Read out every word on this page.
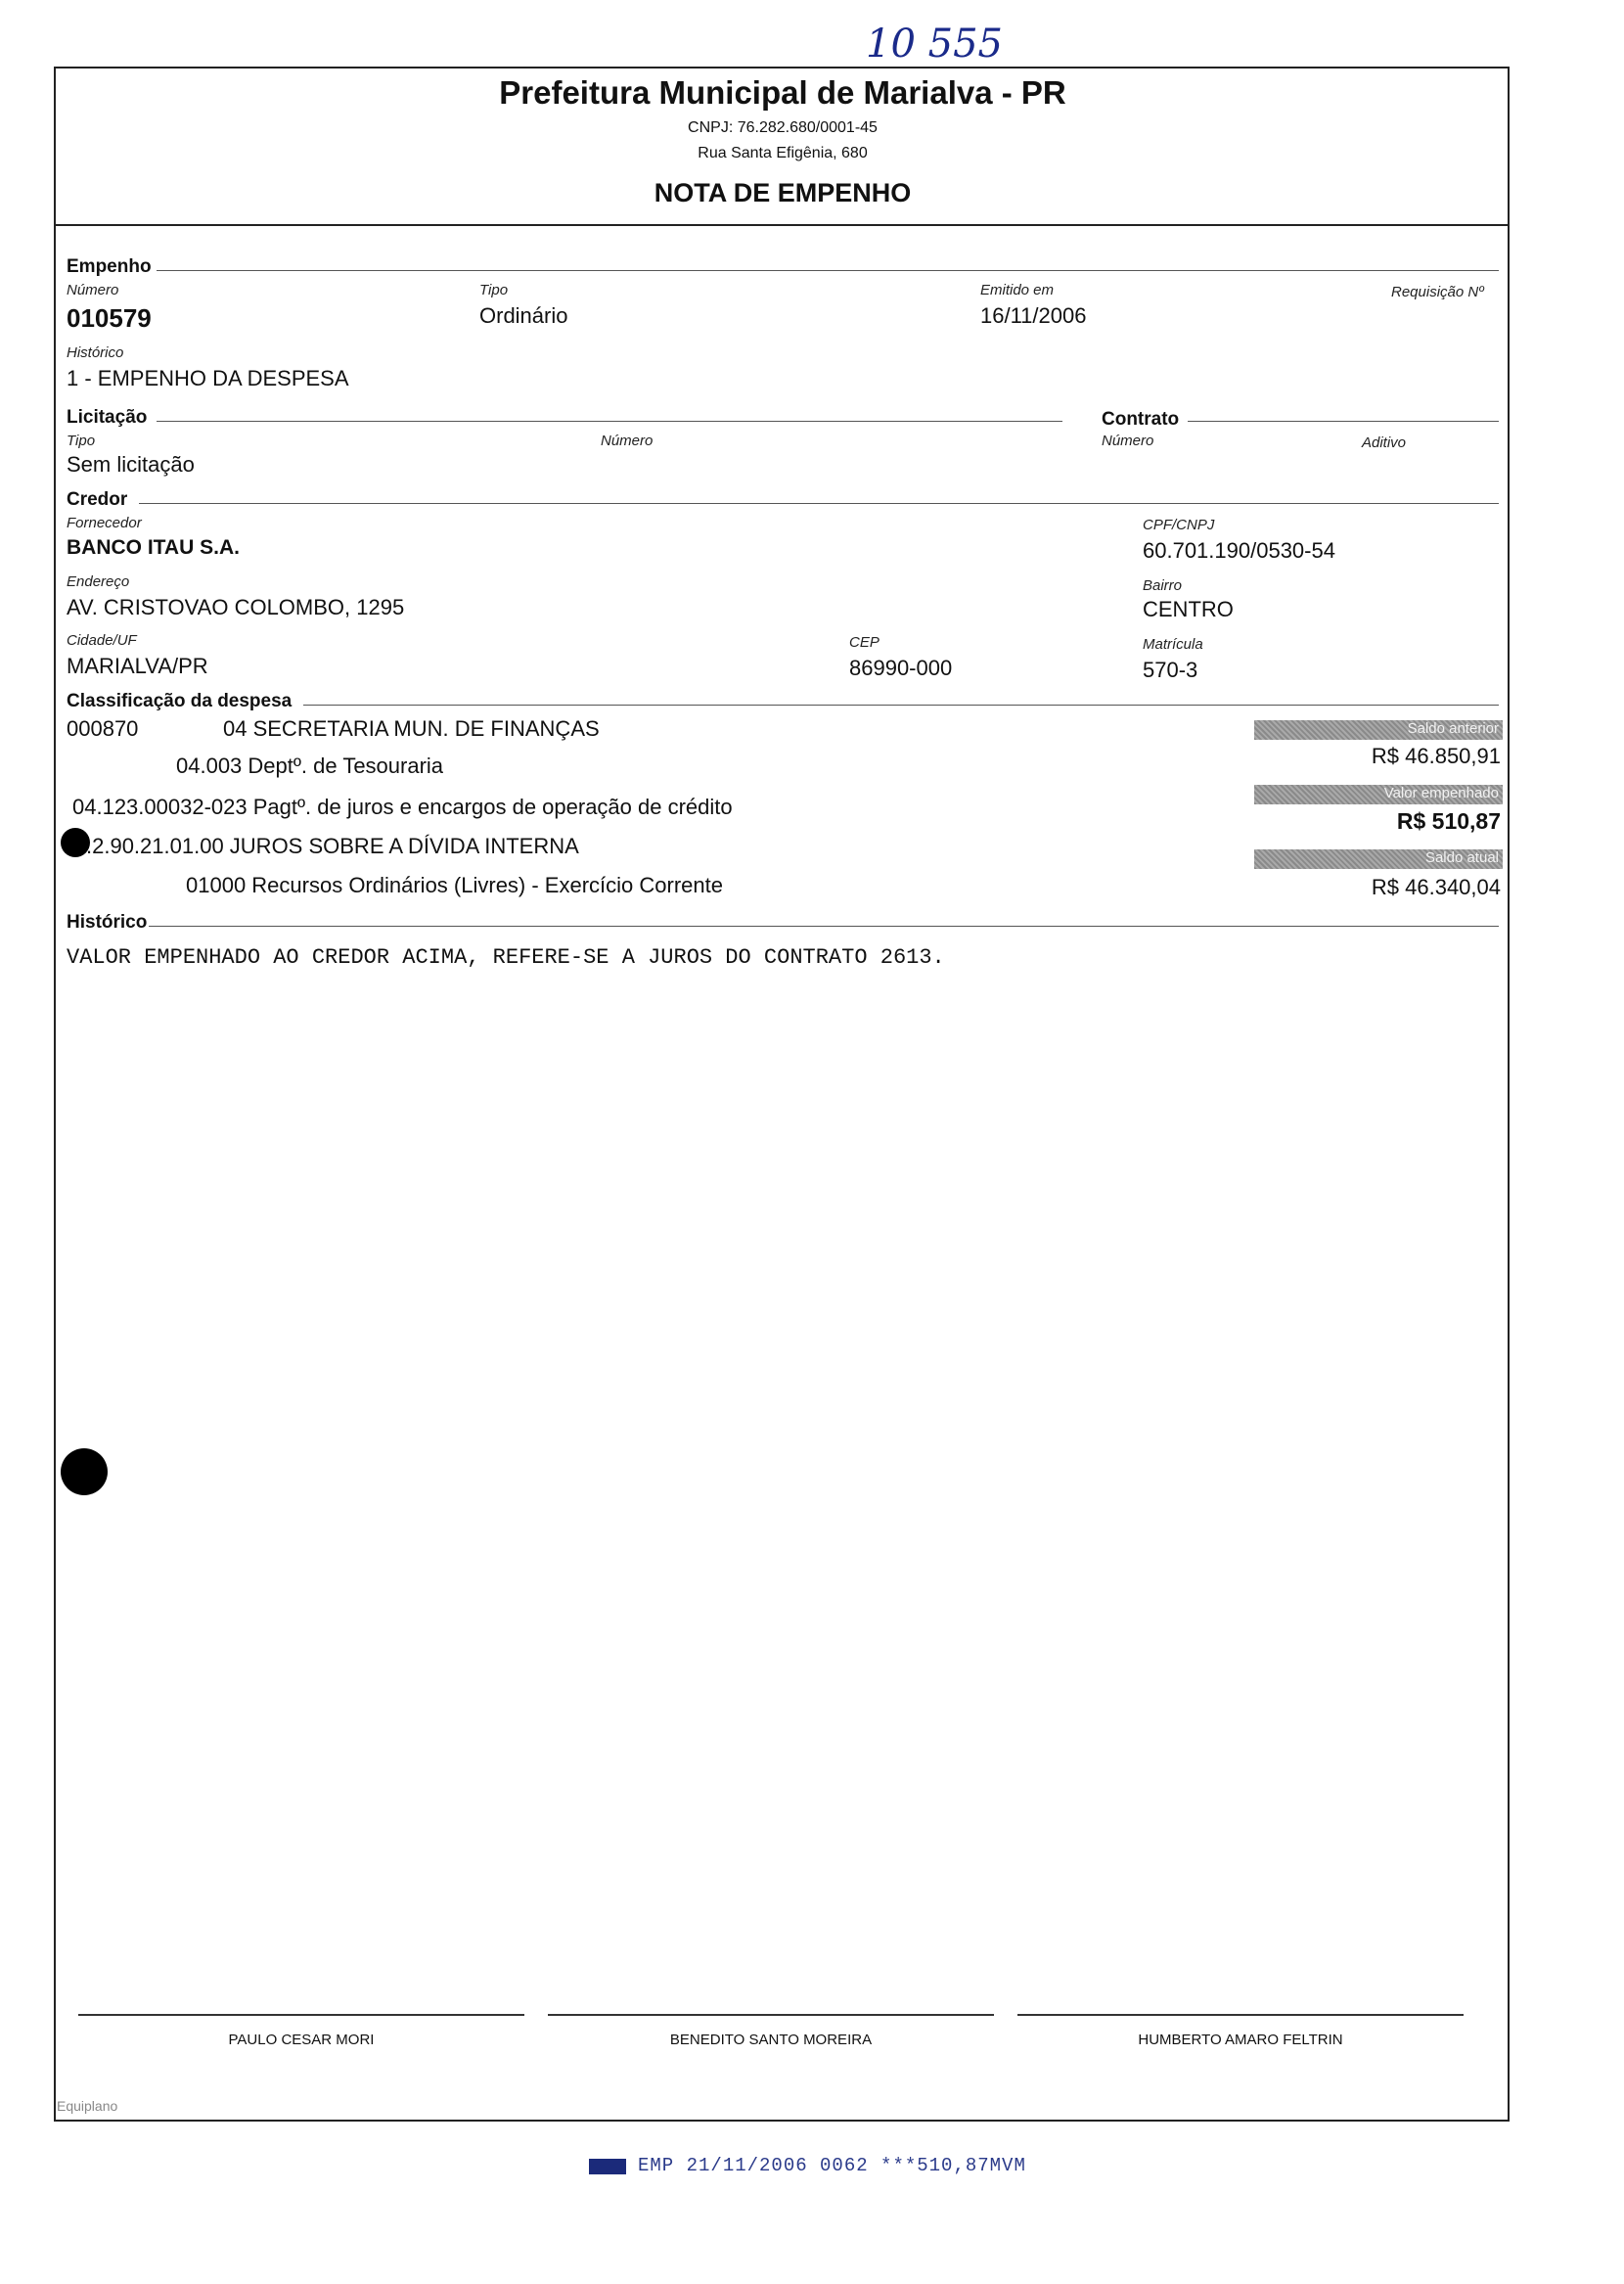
10 555
Prefeitura Municipal de Marialva - PR
CNPJ: 76.282.680/0001-45
Rua Santa Efigênia, 680
NOTA DE EMPENHO
Empenho
Número
010579
Tipo
Ordinário
Emitido em
16/11/2006
Requisição Nº
Histórico
1 - EMPENHO DA DESPESA
Licitação	Contrato
Tipo
Sem licitação
Número	Número	Aditivo
Credor
Fornecedor
BANCO ITAU S.A.
CPF/CNPJ
60.701.190/0530-54
Endereço
AV. CRISTOVAO COLOMBO, 1295
Bairro
CENTRO
Cidade/UF
MARIALVA/PR
CEP
86990-000
Matrícula
570-3
Classificação da despesa
000870	04 SECRETARIA MUN. DE FINANÇAS
04.003 Deptº. de Tesouraria
04.123.00032-023 Pagtº. de juros e encargos de operação de crédito
.2.90.21.01.00 JUROS SOBRE A DÍVIDA INTERNA
01000 Recursos Ordinários (Livres) - Exercício Corrente
Saldo anterior
R$ 46.850,91
Valor empenhado
R$ 510,87
Saldo atual
R$ 46.340,04
Histórico
VALOR EMPENHADO AO CREDOR ACIMA, REFERE-SE A JUROS DO CONTRATO 2613.
PAULO CESAR MORI	BENEDITO SANTO MOREIRA	HUMBERTO AMARO FELTRIN
Equiplano
EMP 21/11/2006 0062 ***510,87MVM
